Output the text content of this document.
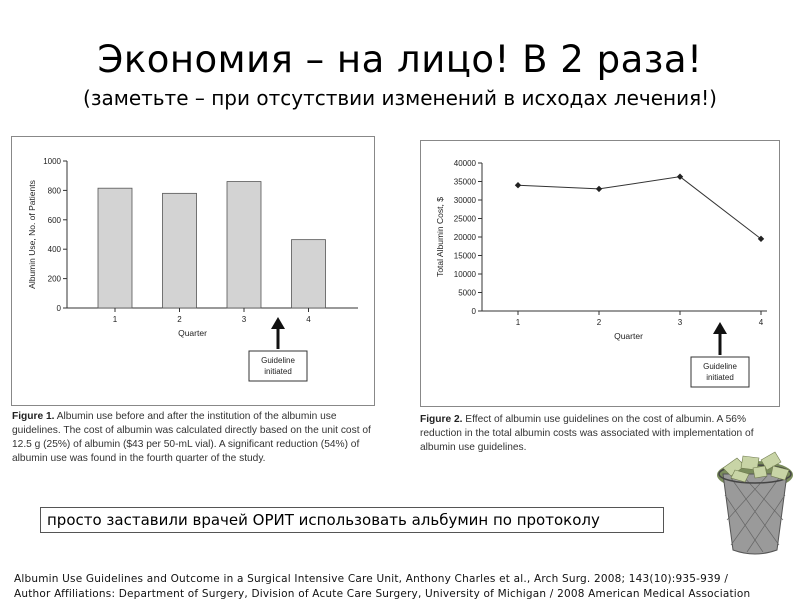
Экономия – на лицо! В 2 раза!
(заметьте – при отсутствии изменений в исходах лечения!)
0
200
400
600
800
1000
1	2	3	4
Quarter
Albumin Use, No. of Patients
Guideline
initiated
Figure 1. Albumin use before and after the institution of the albumin use guidelines. The cost of albumin was calculated directly based on the unit cost of 12.5 g (25%) of albumin ($43 per 50-mL vial). A significant reduction (54%) of albumin use was found in the fourth quarter of the study.
0
5000
10000
15000
20000
25000
30000
35000
40000
1	2	3	4
Quarter
Total Albumin Cost, $
Guideline
initiated
Figure 2. Effect of albumin use guidelines on the cost of albumin. A 56% reduction in the total albumin costs was associated with implementation of albumin use guidelines.
просто заставили врачей ОРИТ использовать альбумин по протоколу
Albumin Use Guidelines and Outcome in a Surgical Intensive Care Unit, Anthony Charles et al., Arch Surg. 2008; 143(10):935-939 /
Author Affiliations: Department of Surgery, Division of Acute Care Surgery, University of Michigan / 2008 American Medical Association
